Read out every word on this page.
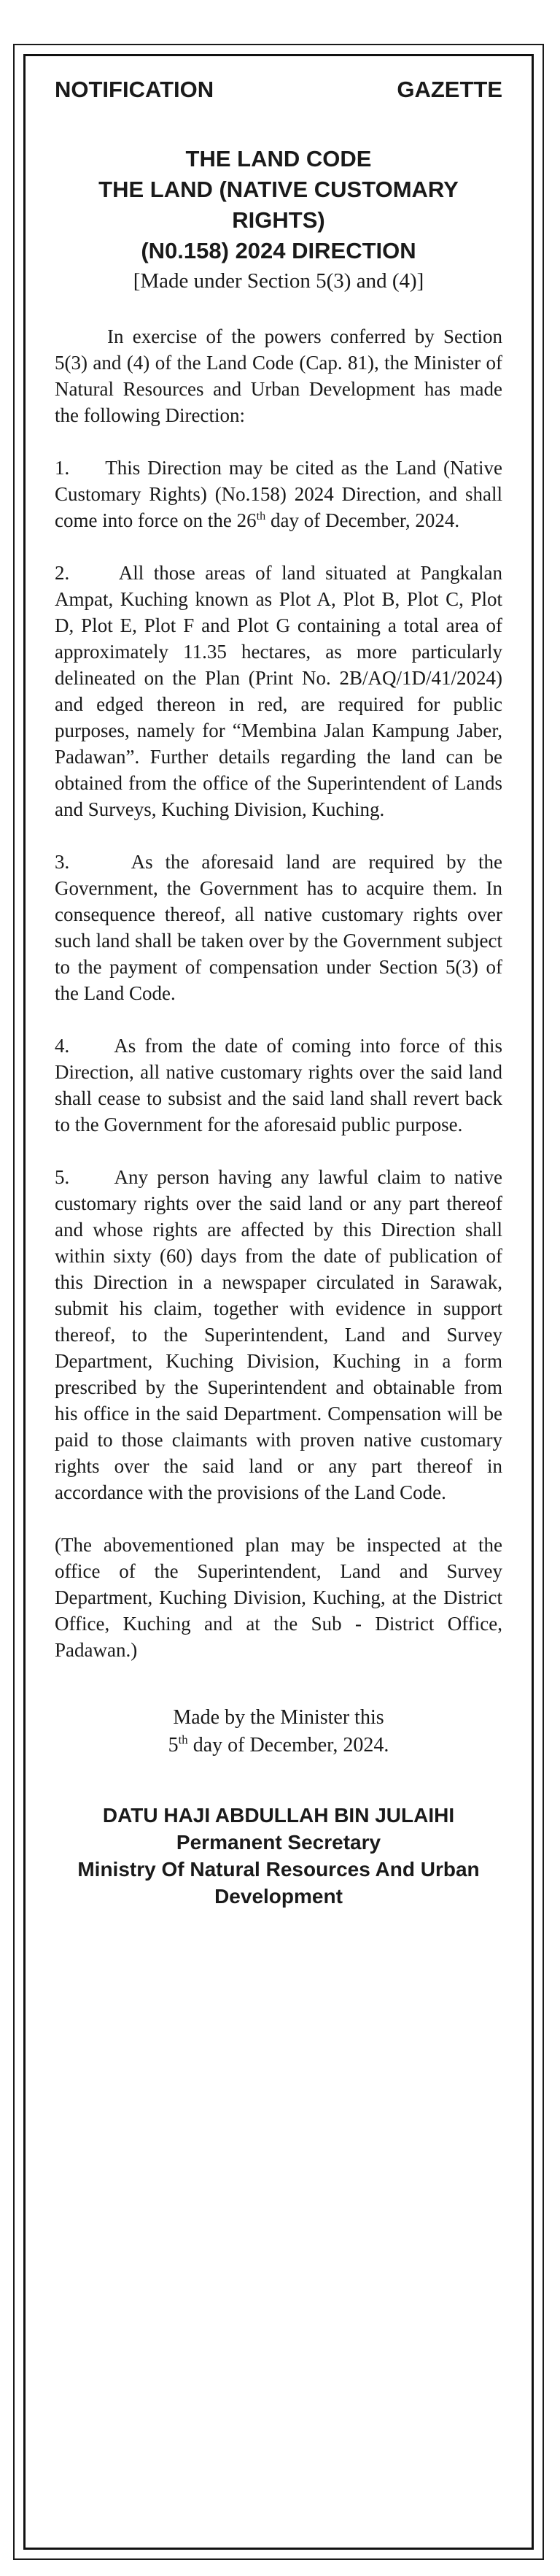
NOTIFICATION	GAZETTE
THE LAND CODE
THE LAND (NATIVE CUSTOMARY RIGHTS)
(N0.158) 2024 DIRECTION
[Made under Section 5(3) and (4)]

In exercise of the powers conferred by Section 5(3) and (4) of the Land Code (Cap. 81), the Minister of Natural Resources and Urban Development has made the following Direction:

1. This Direction may be cited as the Land (Native Customary Rights) (No.158) 2024 Direction, and shall come into force on the 26th day of December, 2024.

2. All those areas of land situated at Pangkalan Ampat, Kuching known as Plot A, Plot B, Plot C, Plot D, Plot E, Plot F and Plot G containing a total area of approximately 11.35 hectares, as more particularly delineated on the Plan (Print No. 2B/AQ/1D/41/2024) and edged thereon in red, are required for public purposes, namely for “Membina Jalan Kampung Jaber, Padawan”. Further details regarding the land can be obtained from the office of the Superintendent of Lands and Surveys, Kuching Division, Kuching.

3.	As the aforesaid land are required by the Government, the Government has to acquire them. In consequence thereof, all native customary rights over such land shall be taken over by the Government subject to the payment of compensation under Section 5(3) of the Land Code.

4. As from the date of coming into force of this Direction, all native customary rights over the said land shall cease to subsist and the said land shall revert back to the Government for the aforesaid public purpose.

5. Any person having any lawful claim to native customary rights over the said land or any part thereof and whose rights are affected by this Direction shall within sixty (60) days from the date of publication of this Direction in a newspaper circulated in Sarawak, submit his claim, together with evidence in support thereof, to the Superintendent, Land and Survey Department, Kuching Division, Kuching in a form prescribed by the Superintendent and obtainable from his office in the said Department. Compensation will be paid to those claimants with proven native customary rights over the said land or any part thereof in accordance with the provisions of the Land Code.

(The abovementioned plan may be inspected at the office of the Superintendent, Land and Survey Department, Kuching Division, Kuching, at the District Office, Kuching and at the Sub - District Office, Padawan.)

Made by the Minister this
5th day of December, 2024.
DATU HAJI ABDULLAH BIN JULAIHI
Permanent Secretary
Ministry Of Natural Resources And Urban
Development
